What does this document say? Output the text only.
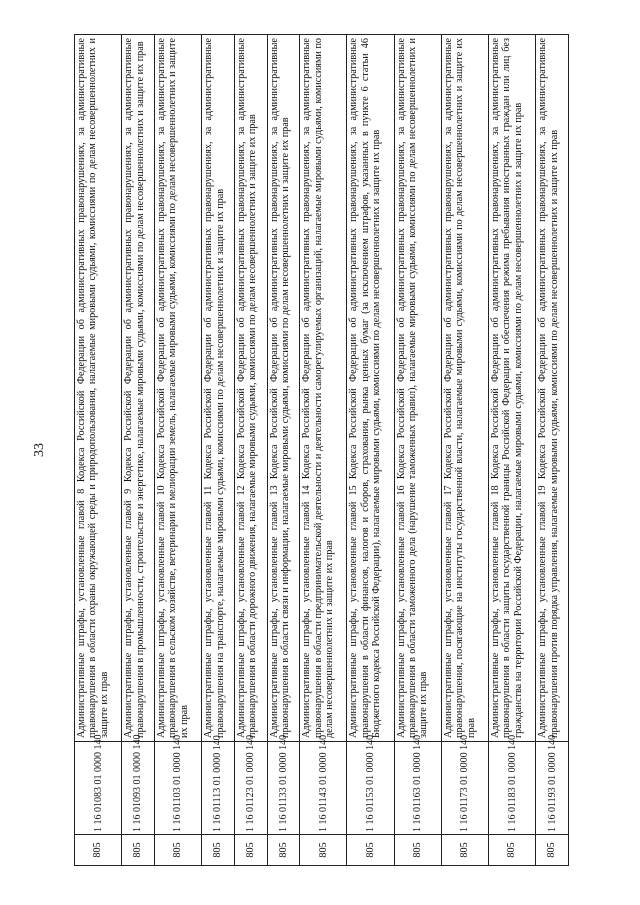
33
805	1 16 01083 01 0000 140	Административные штрафы, установленные главой 8 Кодекса Российской Федерации об административных правонарушениях, за административные правонарушения в области охраны окружающей среды и природопользования, налагаемые мировыми судьями, комиссиями по делам несовершеннолетних и защите их прав
805	1 16 01093 01 0000 140	Административные штрафы, установленные главой 9 Кодекса Российской Федерации об административных правонарушениях, за административные правонарушения в промышленности, строительстве и энергетике, налагаемые мировыми судьями, комиссиями по делам несовершеннолетних и защите их прав
805	1 16 01103 01 0000 140	Административные штрафы, установленные главой 10 Кодекса Российской Федерации об административных правонарушениях, за административные правонарушения в сельском хозяйстве, ветеринарии и мелиорации земель, налагаемые мировыми судьями, комиссиями по делам несовершеннолетних и защите их прав
805	1 16 01113 01 0000 140	Административные штрафы, установленные главой 11 Кодекса Российской Федерации об административных правонарушениях, за административные правонарушения на транспорте, налагаемые мировыми судьями, комиссиями по делам несовершеннолетних и защите их прав
805	1 16 01123 01 0000 140	Административные штрафы, установленные главой 12 Кодекса Российской Федерации об административных правонарушениях, за административные правонарушения в области дорожного движения, налагаемые мировыми судьями, комиссиями по делам несовершеннолетних и защите их прав
805	1 16 01133 01 0000 140	Административные штрафы, установленные главой 13 Кодекса Российской Федерации об административных правонарушениях, за административные правонарушения в области связи и информации, налагаемые мировыми судьями, комиссиями по делам несовершеннолетних и защите их прав
805	1 16 01143 01 0000 140	Административные штрафы, установленные главой 14 Кодекса Российской Федерации об административных правонарушениях, за административные правонарушения в области предпринимательской деятельности и деятельности саморегулируемых организаций, налагаемые мировыми судьями, комиссиями по делам несовершеннолетних и защите их прав
805	1 16 01153 01 0000 140	Административные штрафы, установленные главой 15 Кодекса Российской Федерации об административных правонарушениях, за административные правонарушения в области финансов, налогов и сборов, страхования, рынка ценных бумаг (за исключением штрафов, указанных в пункте 6 статьи 46 Бюджетного кодекса Российской Федерации), налагаемые мировыми судьями, комиссиями по делам несовершеннолетних и защите их прав
805	1 16 01163 01 0000 140	Административные штрафы, установленные главой 16 Кодекса Российской Федерации об административных правонарушениях, за административные правонарушения в области таможенного дела (нарушение таможенных правил), налагаемые мировыми судьями, комиссиями по делам несовершеннолетних и защите их прав
805	1 16 01173 01 0000 140	Административные штрафы, установленные главой 17 Кодекса Российской Федерации об административных правонарушениях, за административные правонарушения, посягающие на институты государственной власти, налагаемые мировыми судьями, комиссиями по делам несовершеннолетних и защите их прав
805	1 16 01183 01 0000 140	Административные штрафы, установленные главой 18 Кодекса Российской Федерации об административных правонарушениях, за административные правонарушения в области защиты государственной границы Российской Федерации и обеспечения режима пребывания иностранных граждан или лиц без гражданства на территории Российской Федерации, налагаемые мировыми судьями, комиссиями по делам несовершеннолетних и защите их прав
805	1 16 01193 01 0000 140	Административные штрафы, установленные главой 19 Кодекса Российской Федерации об административных правонарушениях, за административные правонарушения против порядка управления, налагаемые мировыми судьями, комиссиями по делам несовершеннолетних и защите их прав
